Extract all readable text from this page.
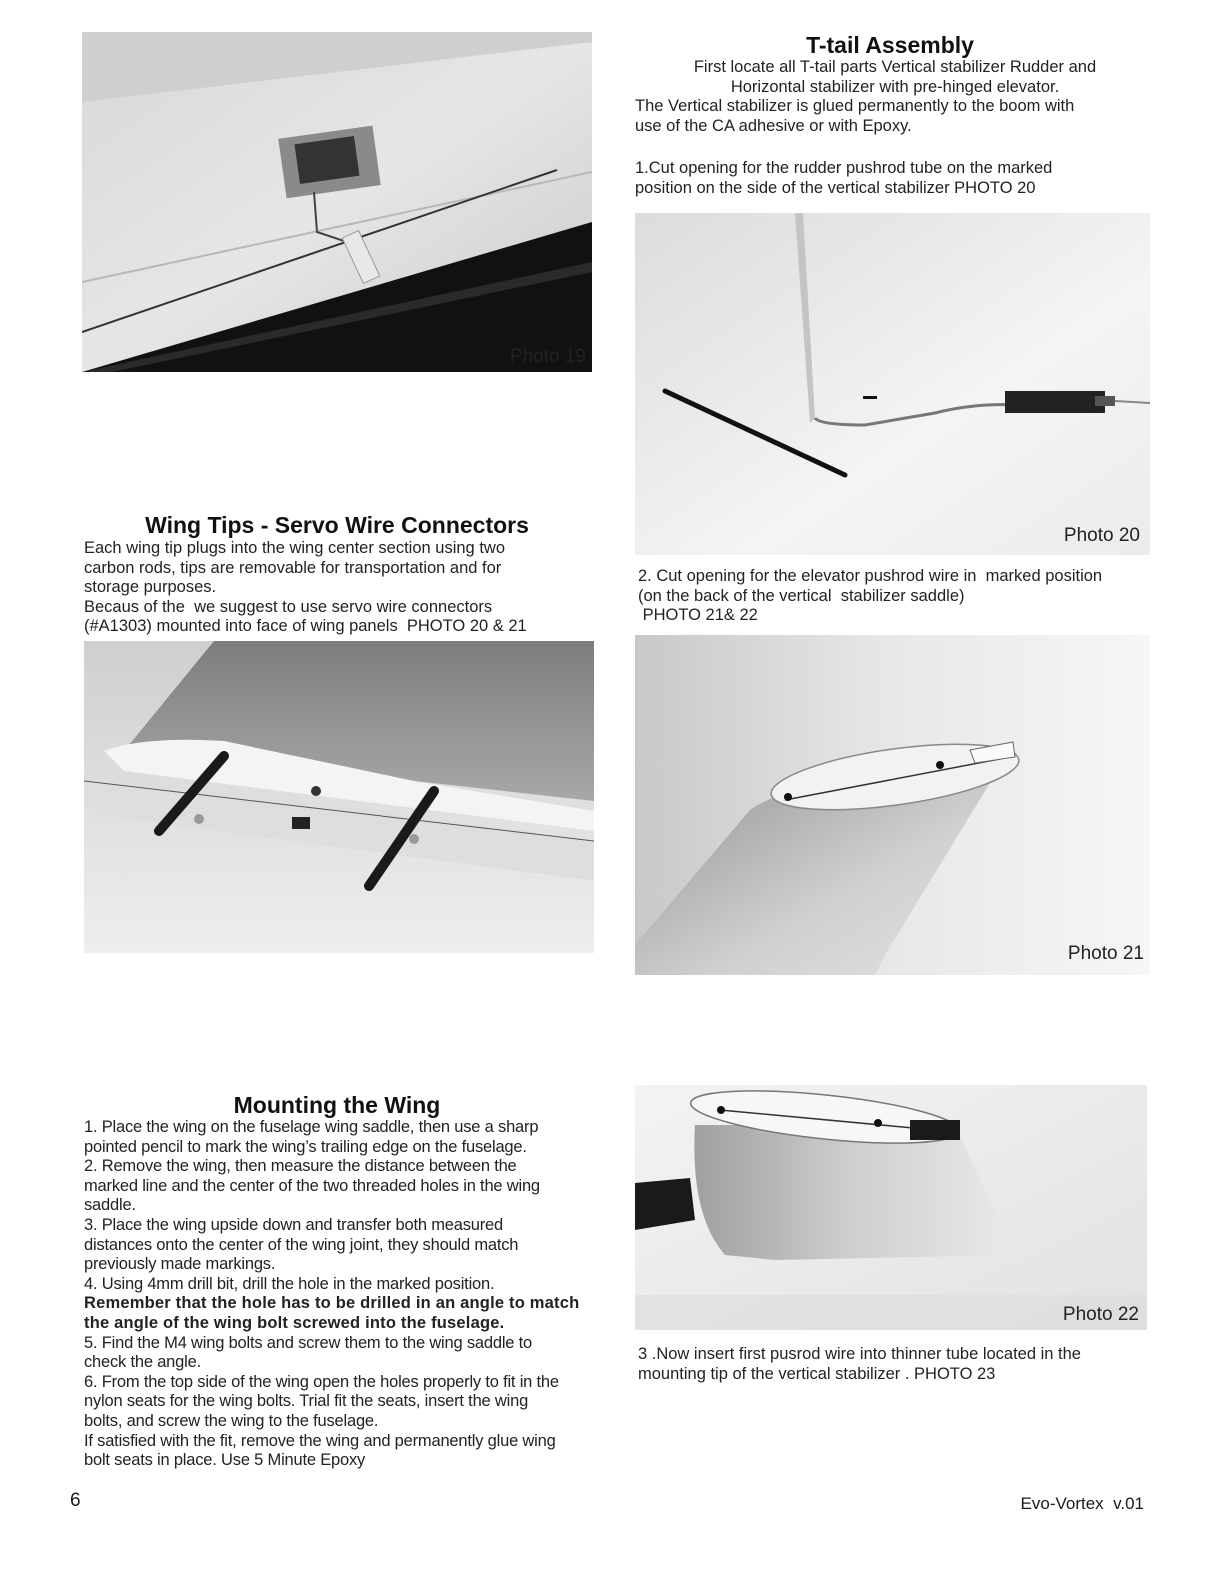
Photo 19
T-tail Assembly

First locate all T-tail parts Vertical stabilizer Rudder and

Horizontal stabilizer with pre-hinged elevator.

The Vertical stabilizer is glued permanently to the boom with

use of the CA adhesive or with Epoxy.

1.Cut opening for the rudder pushrod tube on the marked

position on the side of the vertical stabilizer PHOTO 20

Photo 20

2. Cut opening for the elevator pushrod wire in  marked position

(on the back of the vertical  stabilizer saddle)

PHOTO 21& 22

Photo 21
Wing Tips - Servo Wire Connectors

Each wing tip plugs into the wing center section using two

carbon rods, tips are removable for transportation and for

storage purposes.

Becaus of the  we suggest to use servo wire connectors

(#A1303) mounted into face of wing panels  PHOTO 20 & 21

Mounting the Wing

1. Place the wing on the fuselage wing saddle, then use a sharp

pointed pencil to mark the wing’s trailing edge on the fuselage.

2. Remove the wing, then measure the distance between the

marked line and the center of the two threaded holes in the wing

saddle.

3. Place the wing upside down and transfer both measured

distances onto the center of the wing joint, they should match

previously made markings.

4. Using 4mm drill bit, drill the hole in the marked position.

Remember that the hole has to be drilled in an angle to match

the angle of the wing bolt screwed into the fuselage.

5. Find the M4 wing bolts and screw them to the wing saddle to

check the angle.

6. From the top side of the wing open the holes properly to fit in the

nylon seats for the wing bolts. Trial fit the seats, insert the wing

bolts, and screw the wing to the fuselage.

If satisfied with the fit, remove the wing and permanently glue wing

bolt seats in place. Use 5 Minute Epoxy

Photo 22

3 .Now insert first pusrod wire into thinner tube located in the

mounting tip of the vertical stabilizer . PHOTO 23

6	Evo-Vortex  v.01
